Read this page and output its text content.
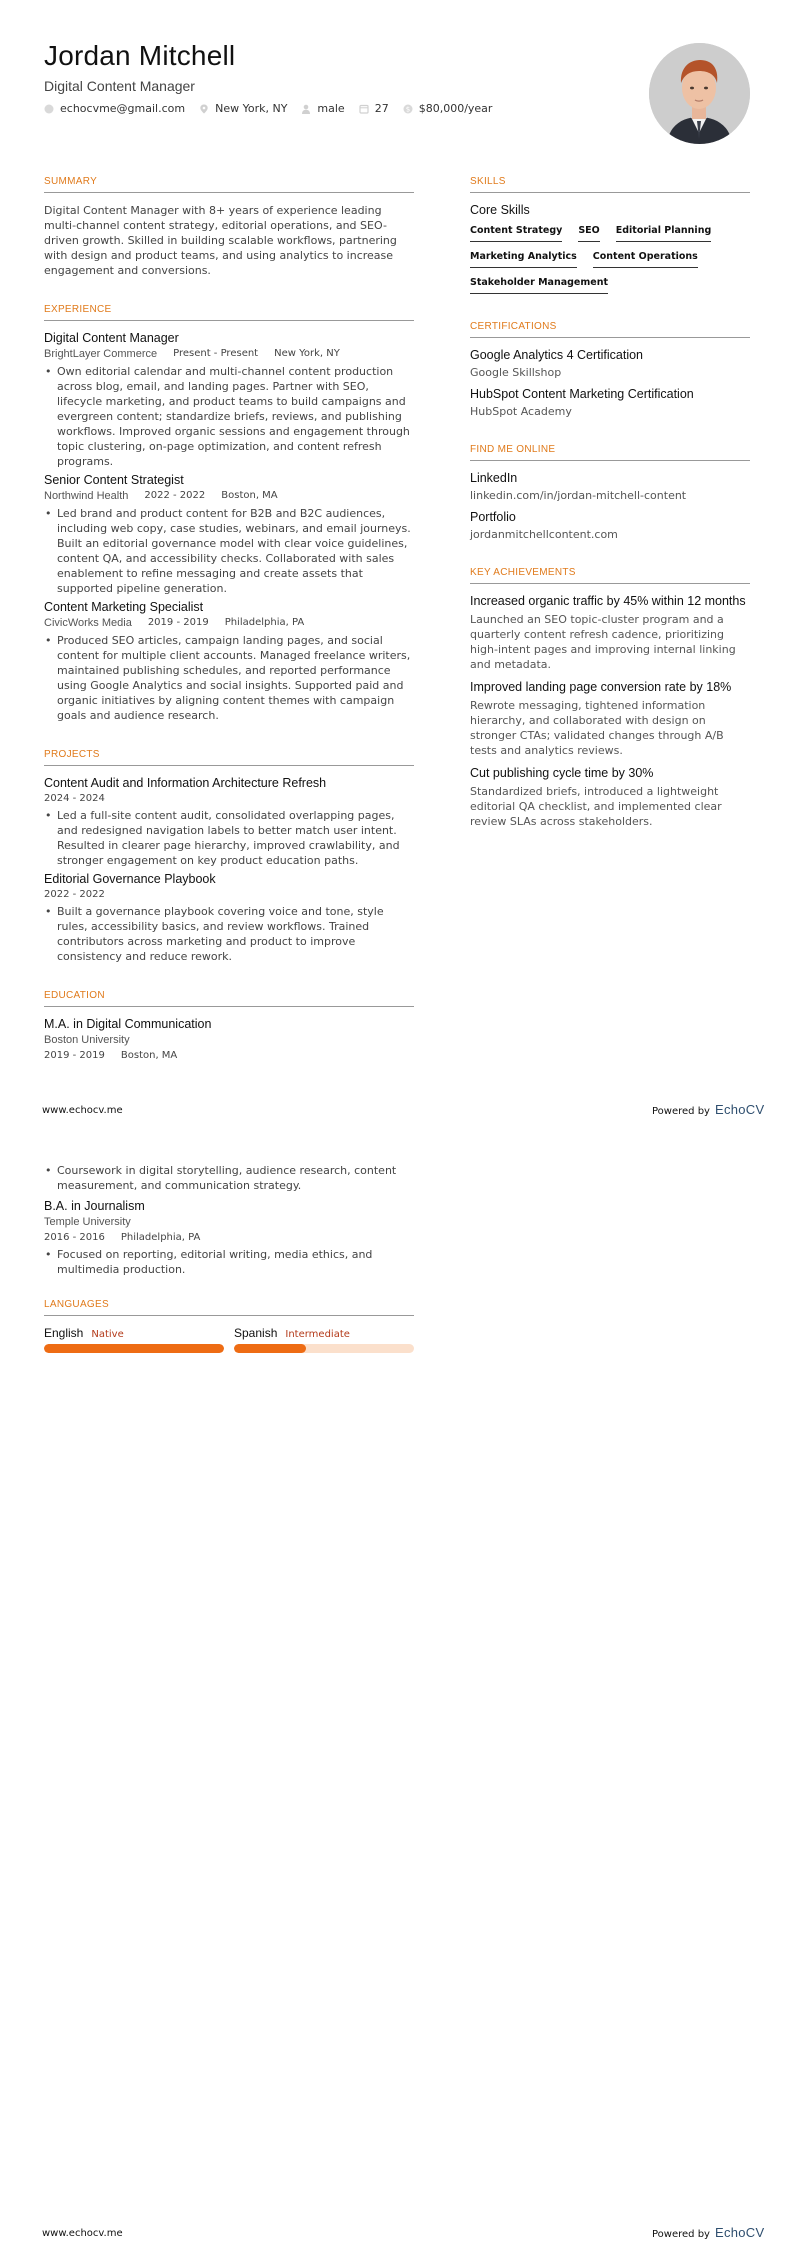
Jordan Mitchell
Digital Content Manager
echocvme@gmail.com	New York, NY	male	27 $ $80,000/year
SUMMARY
Digital Content Manager with 8+ years of experience leading multi-channel content strategy, editorial operations, and SEO-driven growth. Skilled in building scalable workflows, partnering with design and product teams, and using analytics to increase engagement and conversions.
EXPERIENCE
Digital Content Manager
BrightLayer Commerce Present - Present New York, NY
• Own editorial calendar and multi-channel content production across blog, email, and landing pages. Partner with SEO, lifecycle marketing, and product teams to build campaigns and evergreen content; standardize briefs, reviews, and publishing workflows. Improved organic sessions and engagement through topic clustering, on-page optimization, and content refresh programs.
Senior Content Strategist
Northwind Health 2022 - 2022 Boston, MA
• Led brand and product content for B2B and B2C audiences, including web copy, case studies, webinars, and email journeys. Built an editorial governance model with clear voice guidelines, content QA, and accessibility checks. Collaborated with sales enablement to refine messaging and create assets that supported pipeline generation.
Content Marketing Specialist
CivicWorks Media 2019 - 2019 Philadelphia, PA
• Produced SEO articles, campaign landing pages, and social content for multiple client accounts. Managed freelance writers, maintained publishing schedules, and reported performance using Google Analytics and social insights. Supported paid and organic initiatives by aligning content themes with campaign goals and audience research.
PROJECTS
Content Audit and Information Architecture Refresh
2024 - 2024
• Led a full-site content audit, consolidated overlapping pages, and redesigned navigation labels to better match user intent. Resulted in clearer page hierarchy, improved crawlability, and stronger engagement on key product education paths.
Editorial Governance Playbook
2022 - 2022
• Built a governance playbook covering voice and tone, style rules, accessibility basics, and review workflows. Trained contributors across marketing and product to improve consistency and reduce rework.
EDUCATION
M.A. in Digital Communication
Boston University
2019 - 2019 Boston, MA
SKILLS
Core Skills
Content Strategy SEO Editorial Planning
Marketing Analytics Content Operations
Stakeholder Management
CERTIFICATIONS
Google Analytics 4 Certification
Google Skillshop
HubSpot Content Marketing Certification
HubSpot Academy
FIND ME ONLINE
LinkedIn
linkedin.com/in/jordan-mitchell-content
Portfolio
jordanmitchellcontent.com
KEY ACHIEVEMENTS
Increased organic traffic by 45% within 12 months
Launched an SEO topic-cluster program and a quarterly content refresh cadence, prioritizing high-intent pages and improving internal linking and metadata.
Improved landing page conversion rate by 18%
Rewrote messaging, tightened information hierarchy, and collaborated with design on stronger CTAs; validated changes through A/B tests and analytics reviews.
Cut publishing cycle time by 30%
Standardized briefs, introduced a lightweight editorial QA checklist, and implemented clear review SLAs across stakeholders.
www.echocv.me	Powered by EchoCV
• Coursework in digital storytelling, audience research, content measurement, and communication strategy.
B.A. in Journalism
Temple University
2016 - 2016 Philadelphia, PA
• Focused on reporting, editorial writing, media ethics, and multimedia production.
LANGUAGES
English Native	Spanish Intermediate
www.echocv.me	Powered by EchoCV
